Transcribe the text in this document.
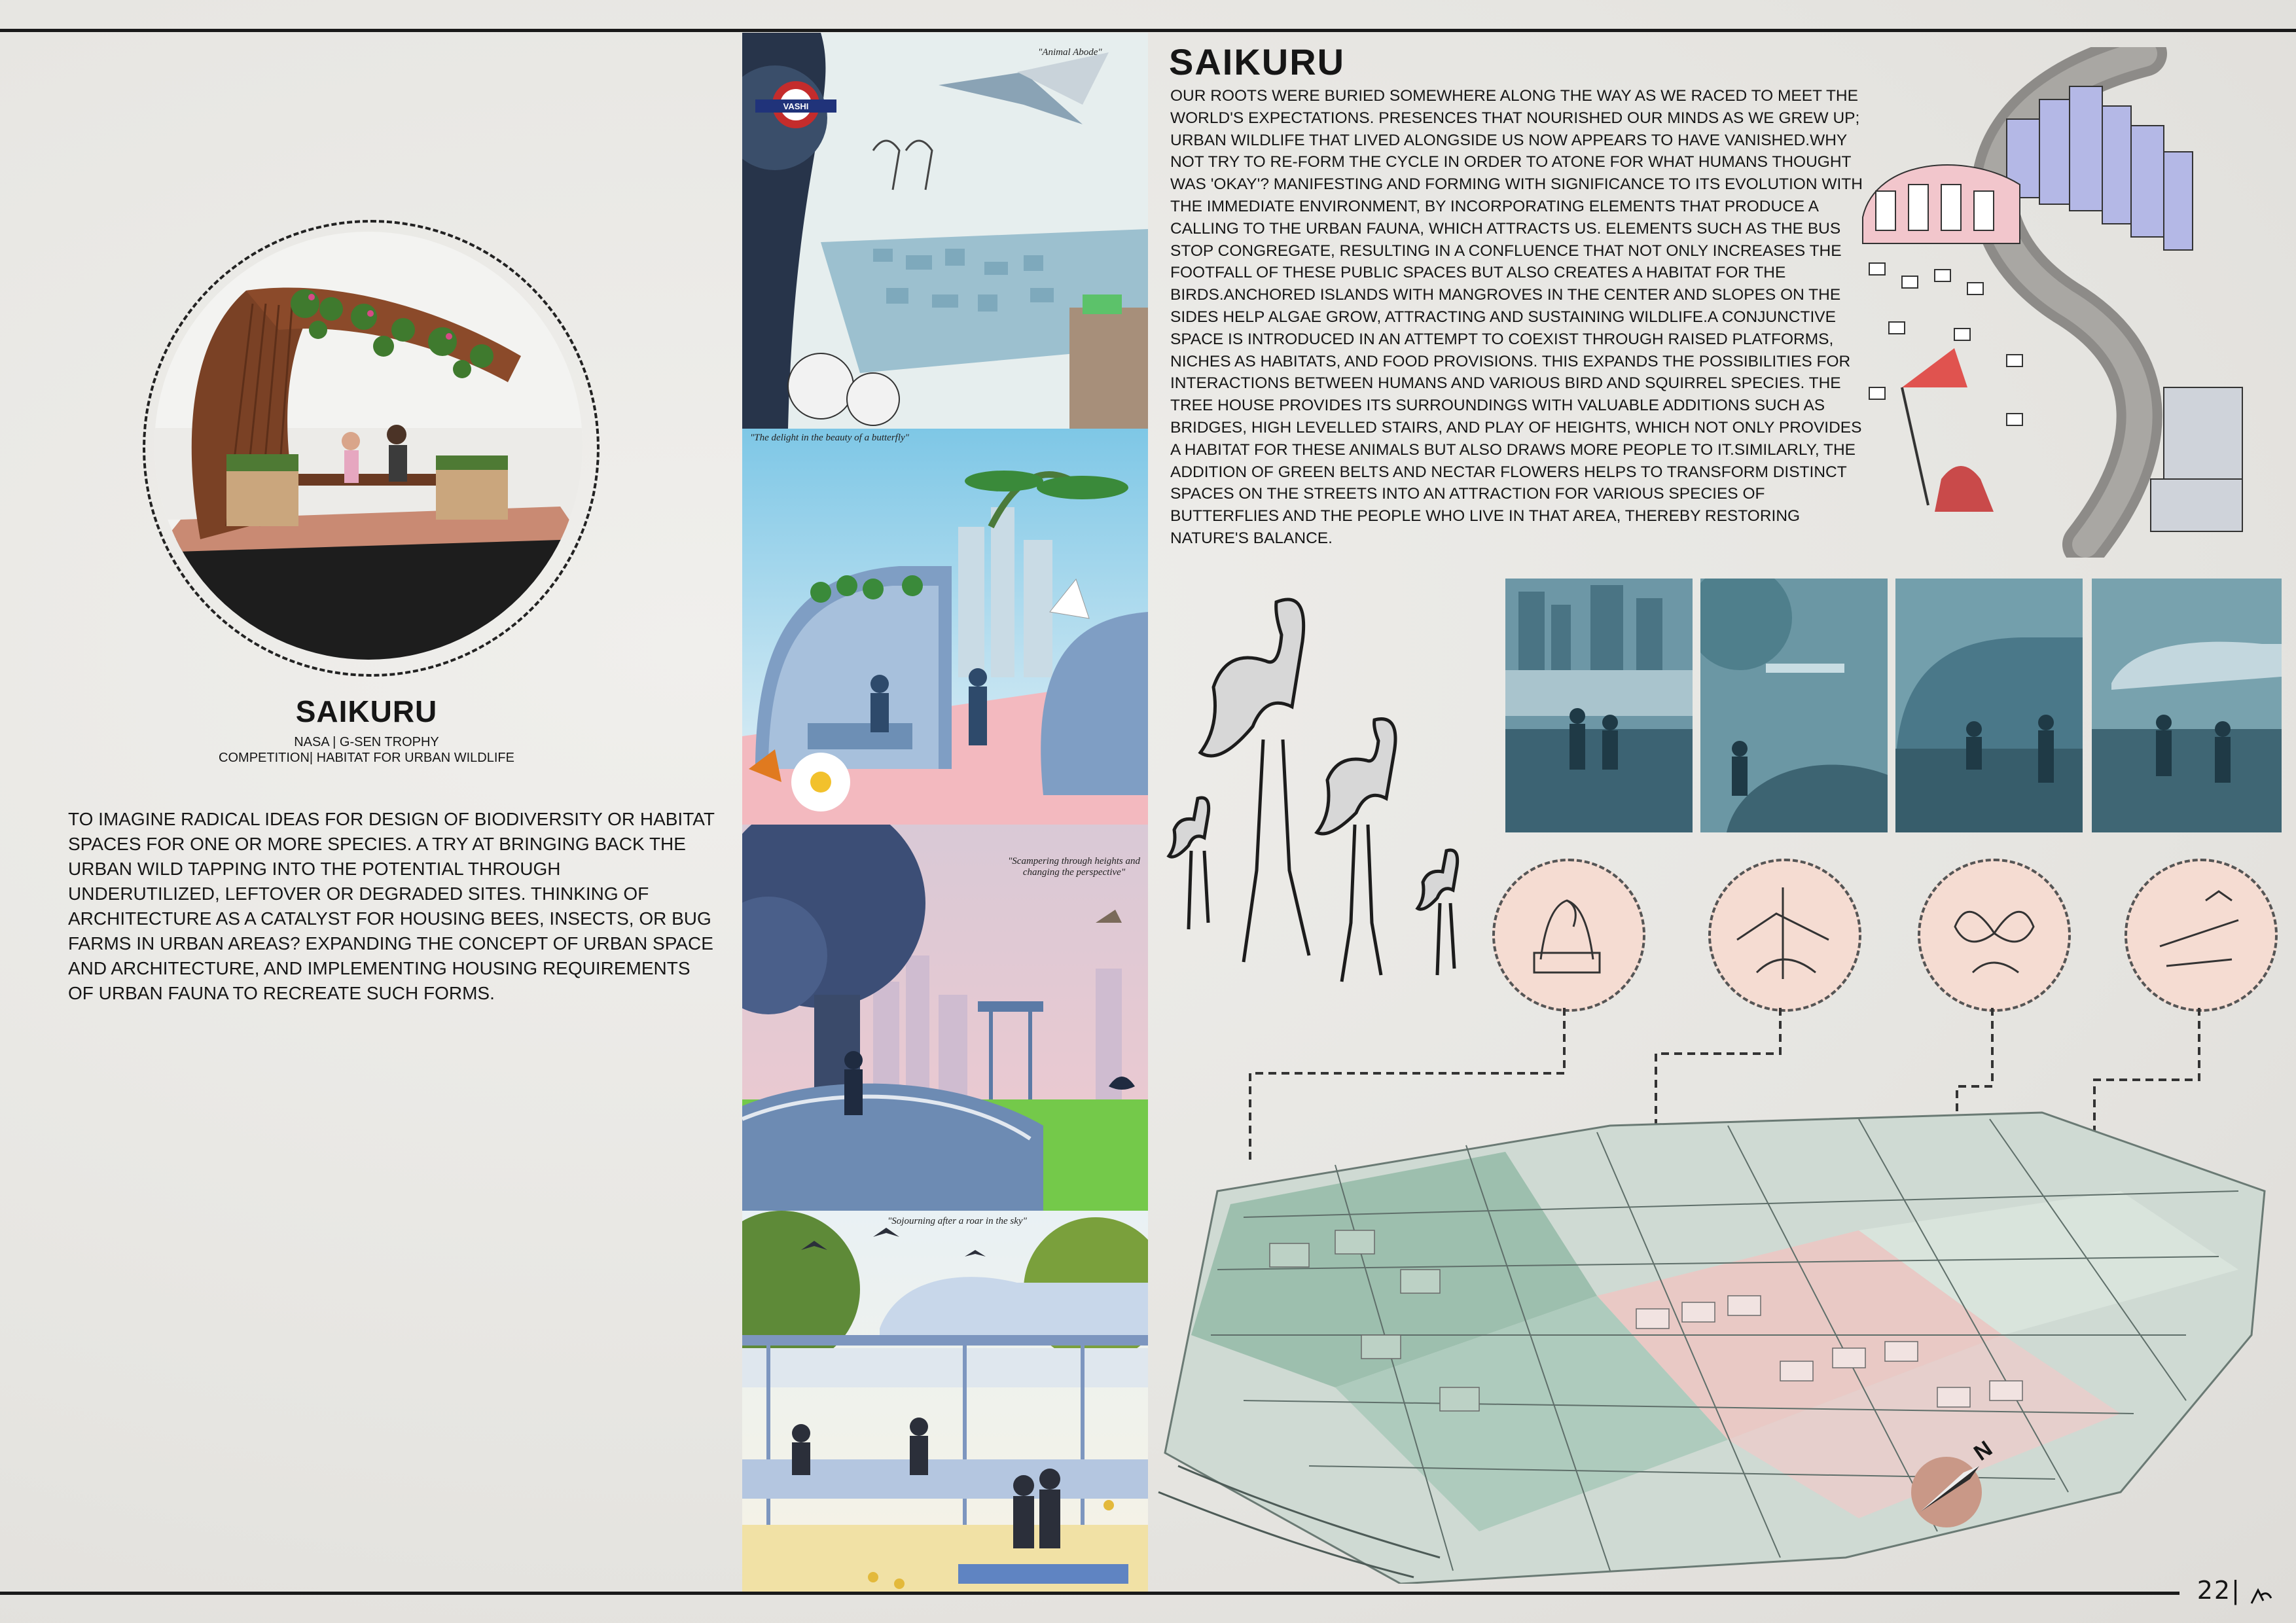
SAIKURU
NASA | G-SEN TROPHY
COMPETITION| HABITAT FOR URBAN WILDLIFE
TO IMAGINE RADICAL IDEAS FOR DESIGN OF BIODIVERSITY OR HABITAT SPACES FOR ONE OR MORE SPECIES. A TRY AT BRINGING BACK THE URBAN WILD TAPPING INTO THE POTENTIAL THROUGH UNDERUTILIZED, LEFTOVER OR DEGRADED SITES. THINKING OF ARCHITECTURE AS A CATALYST FOR HOUSING BEES, INSECTS, OR BUG FARMS IN URBAN AREAS? EXPANDING THE CONCEPT OF URBAN SPACE AND ARCHITECTURE, AND IMPLEMENTING HOUSING REQUIREMENTS OF URBAN FAUNA TO RECREATE SUCH FORMS.
VASHI
"Animal Abode"
"The delight in the beauty of a butterfly"
"Scampering through heights and
changing the perspective"
"Sojourning after a roar in the sky"
SAIKURU
OUR ROOTS WERE BURIED SOMEWHERE ALONG THE WAY AS WE RACED TO MEET THE WORLD'S EXPECTATIONS. PRESENCES THAT NOURISHED OUR MINDS AS WE GREW UP; URBAN WILDLIFE THAT LIVED ALONGSIDE US NOW APPEARS TO HAVE VANISHED.WHY NOT TRY TO RE-FORM THE CYCLE IN ORDER TO ATONE FOR WHAT HUMANS THOUGHT WAS 'OKAY'? MANIFESTING AND FORMING WITH SIGNIFICANCE TO ITS EVOLUTION WITH THE IMMEDIATE ENVIRONMENT, BY INCORPORATING ELEMENTS THAT PRODUCE A CALLING TO THE URBAN FAUNA, WHICH ATTRACTS US. ELEMENTS SUCH AS THE BUS STOP CONGREGATE, RESULTING IN A CONFLUENCE THAT NOT ONLY INCREASES THE FOOTFALL OF THESE PUBLIC SPACES BUT ALSO CREATES A HABITAT FOR THE BIRDS.ANCHORED ISLANDS WITH MANGROVES IN THE CENTER AND SLOPES ON THE SIDES HELP ALGAE GROW, ATTRACTING AND SUSTAINING WILDLIFE.A CONJUNCTIVE SPACE IS INTRODUCED IN AN ATTEMPT TO COEXIST THROUGH RAISED PLATFORMS, NICHES AS HABITATS, AND FOOD PROVISIONS. THIS EXPANDS THE POSSIBILITIES FOR INTERACTIONS BETWEEN HUMANS AND VARIOUS BIRD AND SQUIRREL SPECIES. THE TREE HOUSE PROVIDES ITS SURROUNDINGS WITH VALUABLE ADDITIONS SUCH AS BRIDGES, HIGH LEVELLED STAIRS, AND PLAY OF HEIGHTS, WHICH NOT ONLY PROVIDES A HABITAT FOR THESE ANIMALS BUT ALSO DRAWS MORE PEOPLE TO IT.SIMILARLY, THE ADDITION OF GREEN BELTS AND NECTAR FLOWERS HELPS TO TRANSFORM DISTINCT SPACES ON THE STREETS INTO AN ATTRACTION FOR VARIOUS SPECIES OF BUTTERFLIES AND THE PEOPLE WHO LIVE IN THAT AREA, THEREBY RESTORING NATURE'S BALANCE.
N
22|
